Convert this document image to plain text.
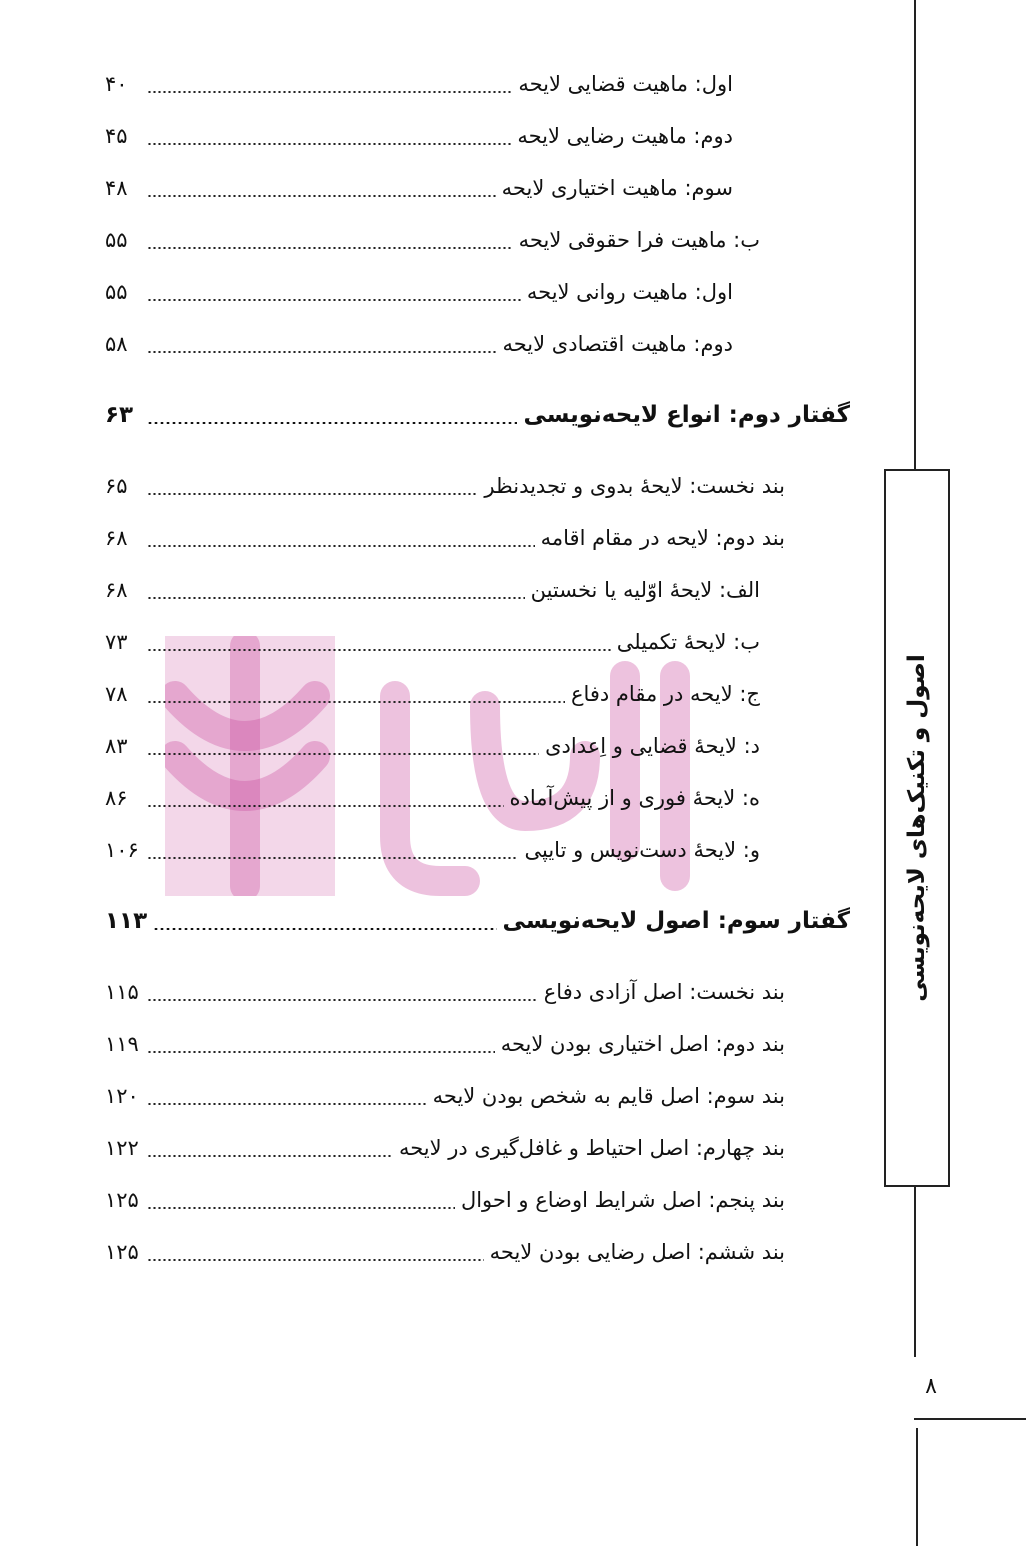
اول: ماهیت قضایی لایحه
۴۰
دوم: ماهیت رضایی لایحه
۴۵
سوم: ماهیت اختیاری لایحه
۴۸
ب: ماهیت فرا حقوقی لایحه
۵۵
اول: ماهیت روانی لایحه
۵۵
دوم: ماهیت اقتصادی لایحه
۵۸
گفتار دوم: انواع لایحه‌نویسی
۶۳
بند نخست: لایحهٔ بدوی و تجدیدنظر
۶۵
بند دوم: لایحه در مقام اقامه
۶۸
الف: لایحهٔ اوّلیه یا نخستین
۶۸
ب: لایحهٔ تکمیلی
۷۳
ج: لایحه در مقام دفاع
۷۸
د: لایحهٔ قضایی و اِعدادی
۸۳
ه: لایحهٔ فوری و از پیش‌آماده
۸۶
و: لایحهٔ دست‌نویس و تایپی
۱۰۶
گفتار سوم: اصول لایحه‌نویسی
۱۱۳
بند نخست: اصل آزادی دفاع
۱۱۵
بند دوم: اصل اختیاری بودن لایحه
۱۱۹
بند سوم: اصل قایم به شخص بودن لایحه
۱۲۰
بند چهارم: اصل احتیاط و غافل‌گیری در لایحه
۱۲۲
بند پنجم: اصل شرایط اوضاع و احوال
۱۲۵
بند ششم: اصل رضایی بودن لایحه
۱۲۵
اصول و تکنیک‌های لایحه‌نویسی
۸
